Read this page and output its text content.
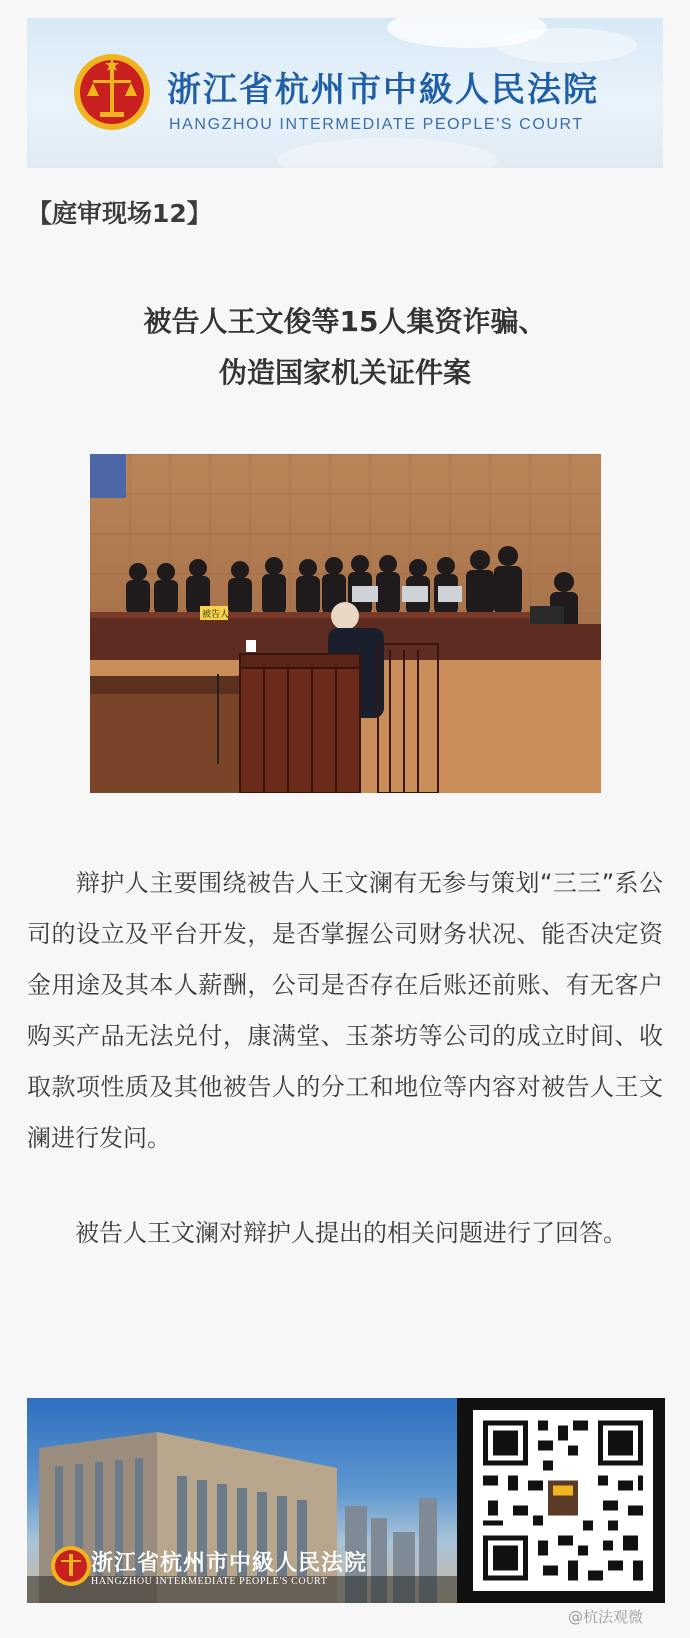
浙江省杭州市中級人民法院
HANGZHOU INTERMEDIATE PEOPLE'S COURT
【庭审现场12】
被告人王文俊等15人集资诈骗、
伪造国家机关证件案
被告人

　　辩护人主要围绕被告人王文澜有无参与策划“三三”系公司的设立及平台开发，是否掌握公司财务状况、能否决定资金用途及其本人薪酬，公司是否存在后账还前账、有无客户购买产品无法兑付，康满堂、玉茶坊等公司的成立时间、收取款项性质及其他被告人的分工和地位等内容对被告人王文澜进行发问。

　　被告人王文澜对辩护人提出的相关问题进行了回答。

浙江省杭州市中級人民法院
HANGZHOU INTERMEDIATE PEOPLE'S COURT
@杭法观微
